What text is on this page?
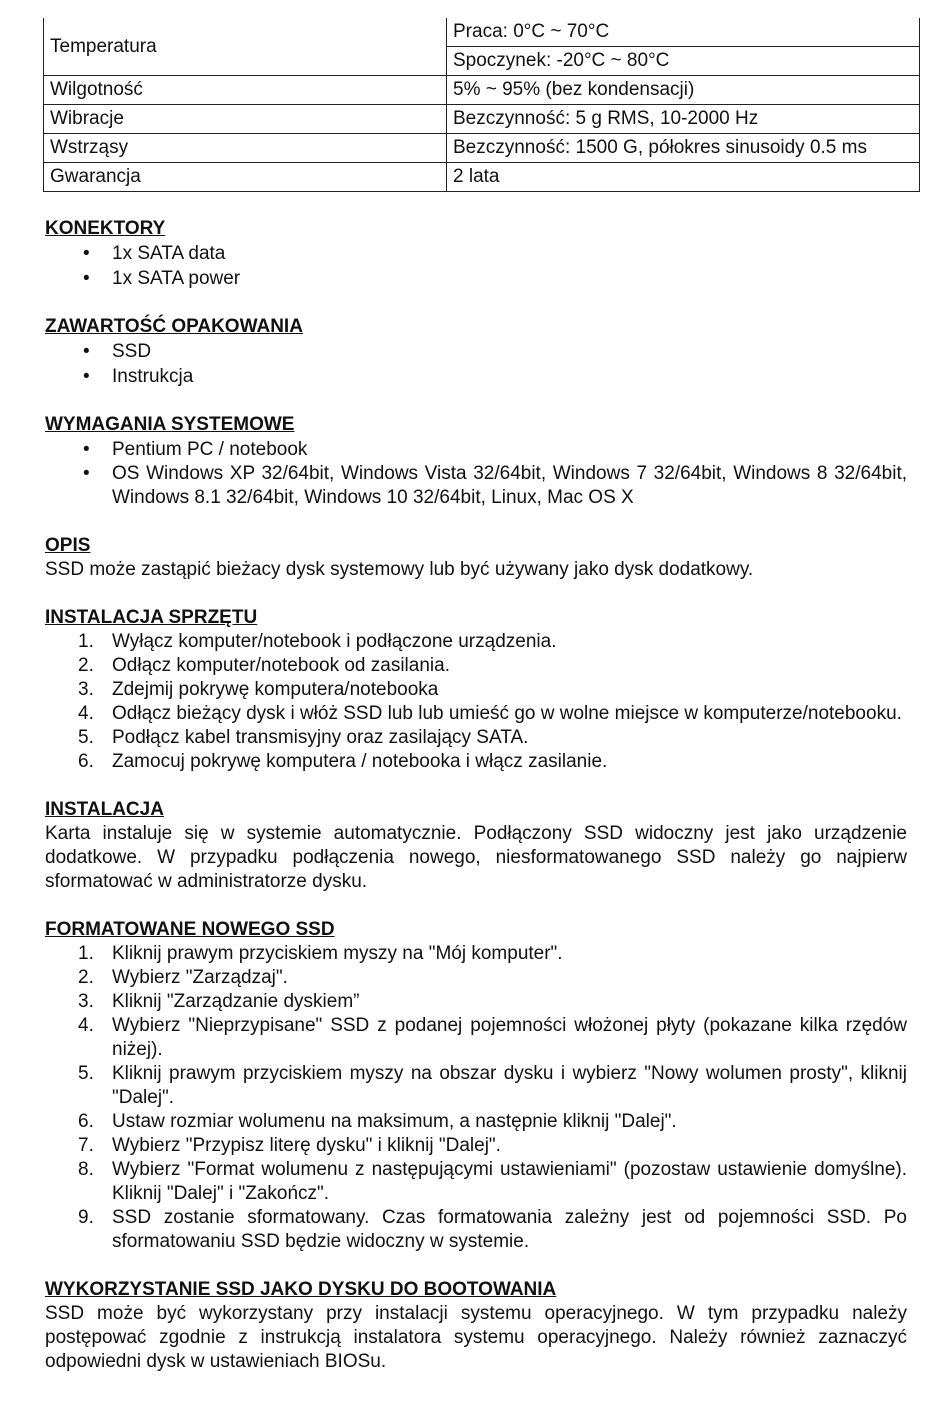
Temperatura	Praca: 0°C ~ 70°C
	Spoczynek: -20°C ~ 80°C
Wilgotność	5% ~ 95% (bez kondensacji)
Wibracje	Bezczynność: 5 g RMS, 10-2000 Hz
Wstrząsy	Bezczynność: 1500 G, półokres sinusoidy 0.5 ms
Gwarancja	2 lata
KONEKTORY
• 1x SATA data
• 1x SATA power
ZAWARTOŚĆ OPAKOWANIA
• SSD
• Instrukcja
WYMAGANIA SYSTEMOWE
• Pentium PC / notebook
• OS Windows XP 32/64bit, Windows Vista 32/64bit, Windows 7 32/64bit, Windows 8 32/64bit, Windows 8.1 32/64bit, Windows 10 32/64bit, Linux, Mac OS X
OPIS

SSD może zastąpić bieżacy dysk systemowy lub być używany jako dysk dodatkowy.

INSTALACJA SPRZĘTU
1. Wyłącz komputer/notebook i podłączone urządzenia.
2. Odłącz komputer/notebook od zasilania.
3. Zdejmij pokrywę komputera/notebooka
4. Odłącz bieżący dysk i włóż SSD lub lub umieść go w wolne miejsce w komputerze/notebooku.
5. Podłącz kabel transmisyjny oraz zasilający SATA.
6. Zamocuj pokrywę komputera / notebooka i włącz zasilanie.
INSTALACJA

Karta instaluje się w systemie automatycznie. Podłączony SSD widoczny jest jako urządzenie dodatkowe. W przypadku podłączenia nowego, niesformatowanego SSD należy go najpierw sformatować w administratorze dysku.

FORMATOWANE NOWEGO SSD
1. Kliknij prawym przyciskiem myszy na "Mój komputer".
2. Wybierz "Zarządzaj".
3. Kliknij "Zarządzanie dyskiem”
4. Wybierz "Nieprzypisane" SSD z podanej pojemności włożonej płyty (pokazane kilka rzędów niżej).
5. Kliknij prawym przyciskiem myszy na obszar dysku i wybierz "Nowy wolumen prosty", kliknij "Dalej".
6. Ustaw rozmiar wolumenu na maksimum, a następnie kliknij "Dalej".
7. Wybierz "Przypisz literę dysku" i kliknij "Dalej".
8. Wybierz "Format wolumenu z następującymi ustawieniami" (pozostaw ustawienie domyślne). Kliknij "Dalej" i "Zakończ".
9. SSD zostanie sformatowany. Czas formatowania zależny jest od pojemności SSD. Po sformatowaniu SSD będzie widoczny w systemie.
WYKORZYSTANIE SSD JAKO DYSKU DO BOOTOWANIA

SSD może być wykorzystany przy instalacji systemu operacyjnego. W tym przypadku należy postępować zgodnie z instrukcją instalatora systemu operacyjnego. Należy również zaznaczyć odpowiedni dysk w ustawieniach BIOSu.
